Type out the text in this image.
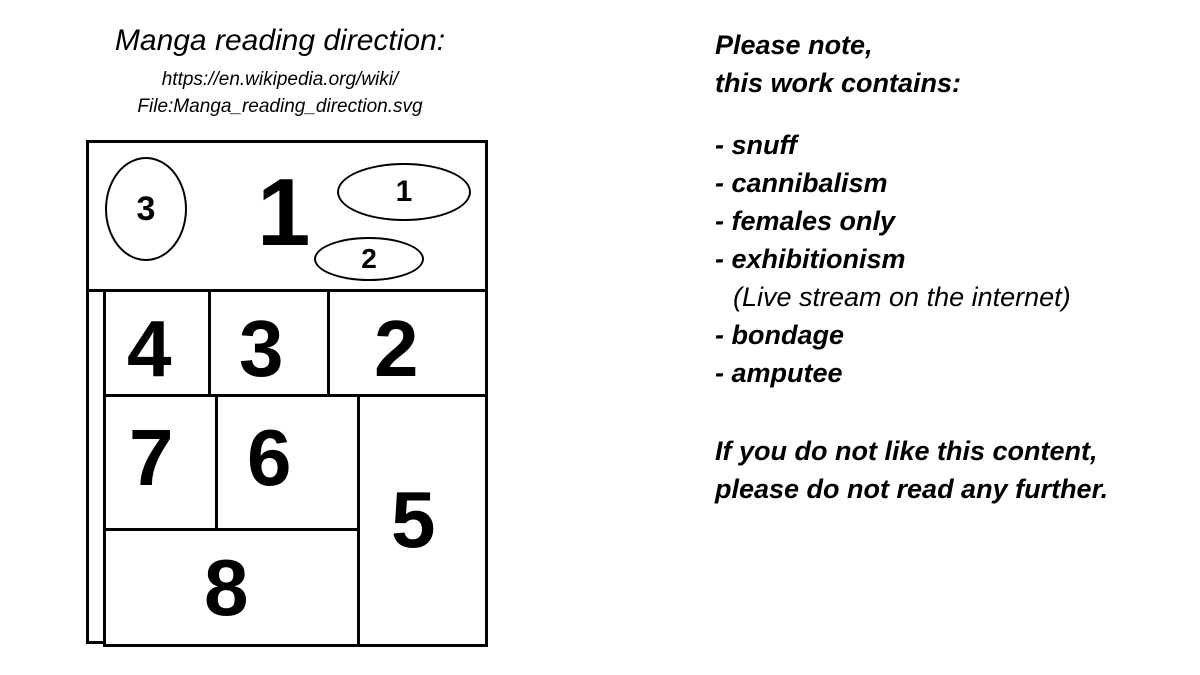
Manga reading direction:
https://en.wikipedia.org/wiki/
File:Manga_reading_direction.svg
1
3	1
2
4 3 2
7 6
5
8
Please note,
this work contains:
- snuff
- cannibalism
- females only
- exhibitionism
(Live stream on the internet)
- bondage
- amputee
If you do not like this content,
please do not read any further.
